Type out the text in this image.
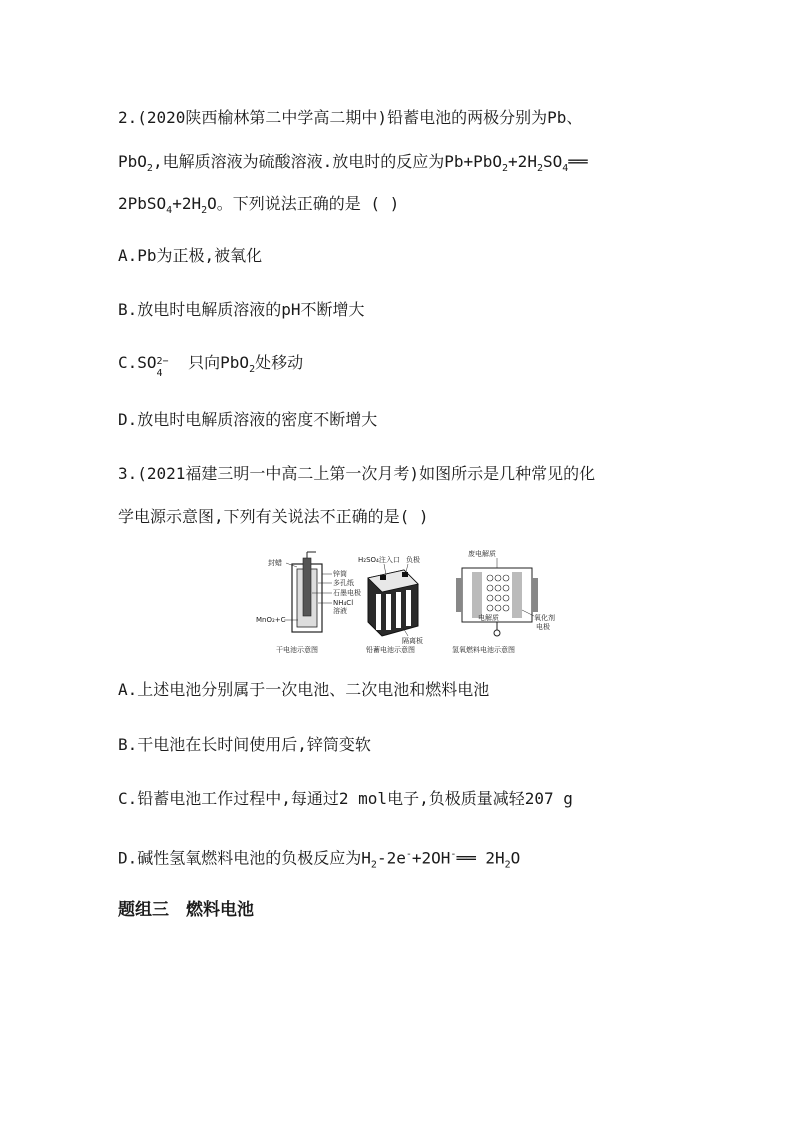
2.(2020陕西榆林第二中学高二期中)铅蓄电池的两极分别为Pb、
PbO$_2$,电解质溶液为硫酸溶液.放电时的反应为$Pb+PbO_2+2H_2SO_4══$
$2PbSO_4+2H_2O$。下列说法正确的是 ( )
A.Pb为正极,被氧化
B.放电时电解质溶液的pH不断增大
C.SO 2−
4
只向PbO$_2$处移动
D.放电时电解质溶液的密度不断增大
3.(2021福建三明一中高二上第一次月考)如图所示是几种常见的化
学电源示意图,下列有关说法不正确的是( )
封蜡
锌筒
多孔纸
石墨电极
NH₄Cl
溶液
MnO₂+C
干电池示意图
H₂SO₄注入口 负极
隔离板
铅蓄电池示意图
废电解质
电解质	氧化剂
电极
氢氧燃料电池示意图
A.上述电池分别属于一次电池、二次电池和燃料电池
B.干电池在长时间使用后,锌筒变软
C.铅蓄电池工作过程中,每通过2 mol电子,负极质量减轻207 g
D.碱性氢氧燃料电池的负极反应为$H_2-2e^-+2OH^-══$ $2H_2O$
题组三　燃料电池
